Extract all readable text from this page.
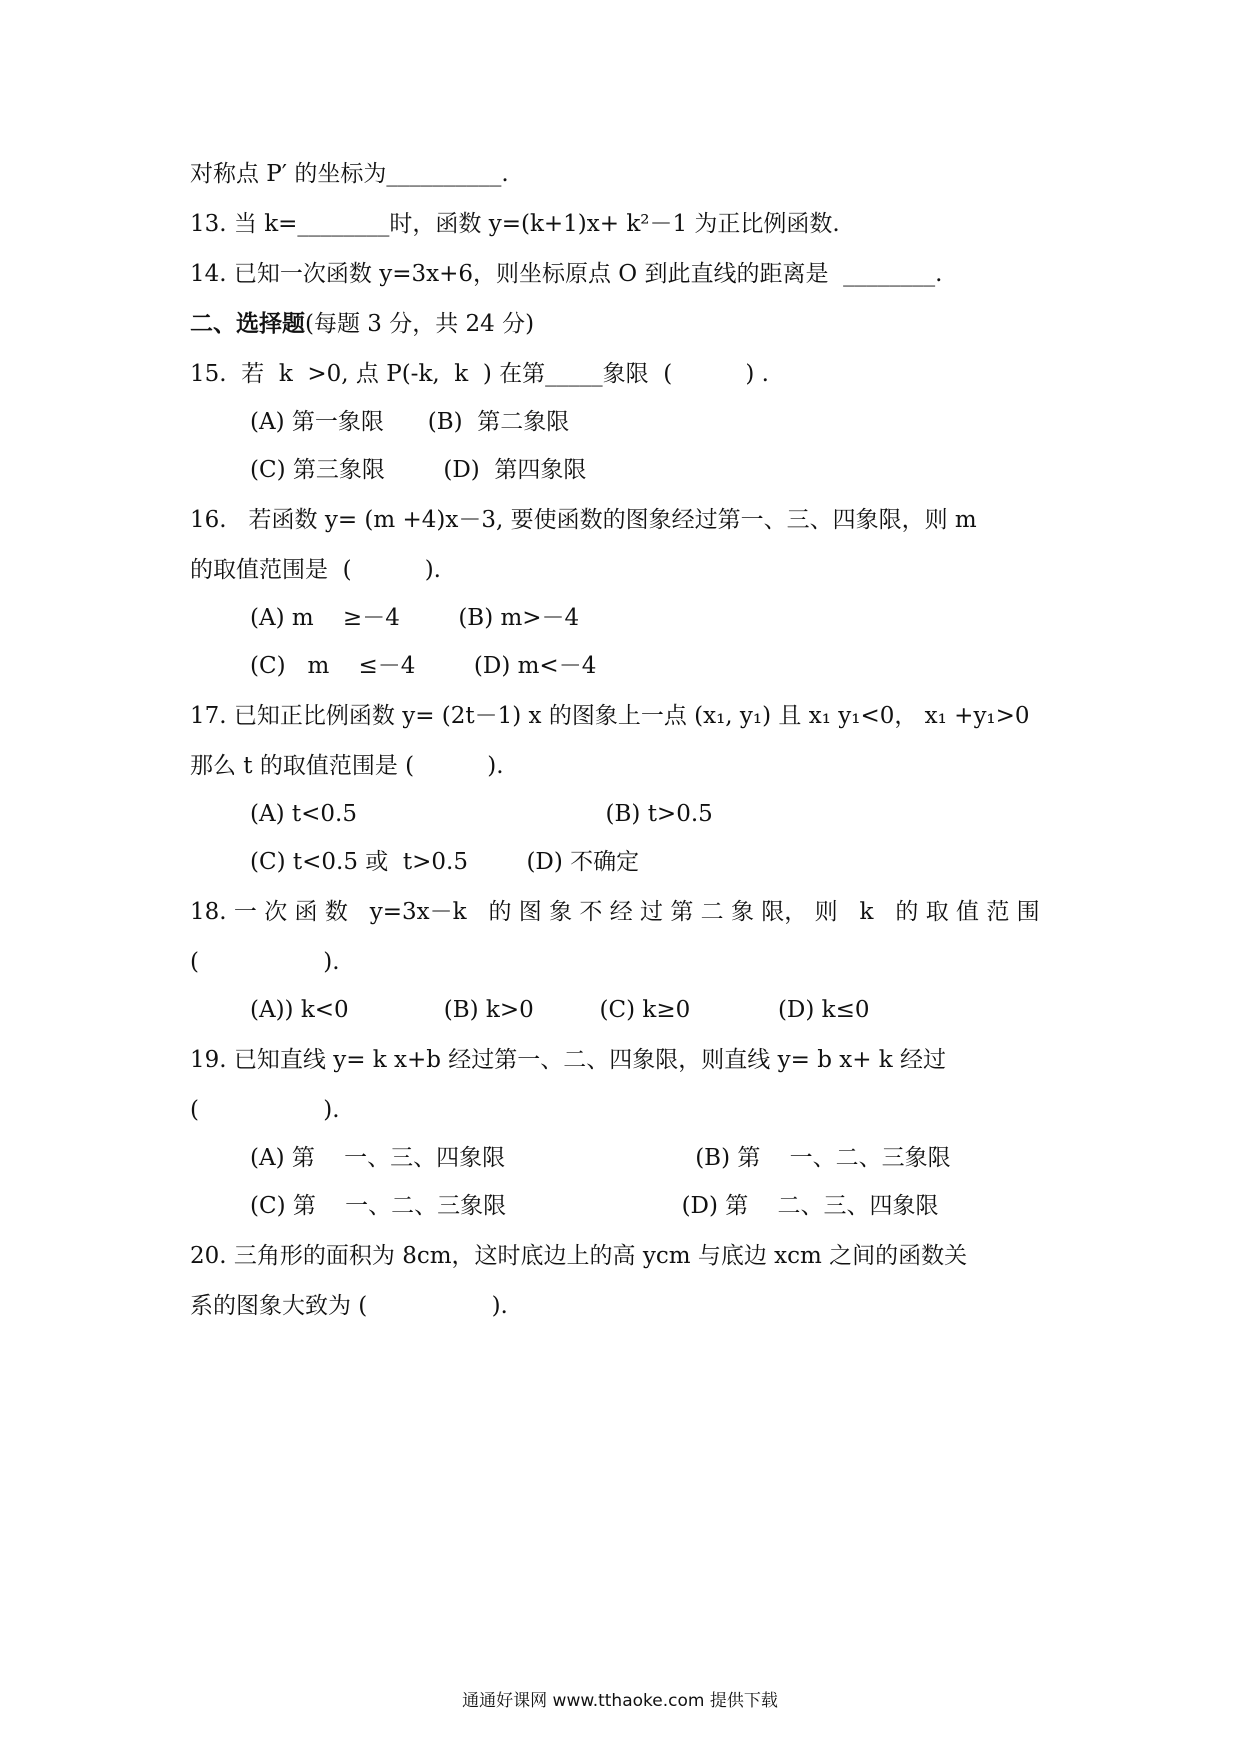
对称点 P′ 的坐标为__________.
13. 当 k=________时，函数 y=(k+1)x+ k²－1 为正比例函数.
14. 已知一次函数 y=3x+6，则坐标原点 O 到此直线的距离是  ________.
二、选择题(每题 3 分，共 24 分)
15.  若  k  >0, 点 P(-k,  k  ) 在第_____象限  (          ) .
(A) 第一象限      (B)  第二象限
(C) 第三象限        (D)  第四象限
16.   若函数 y= (m +4)x－3, 要使函数的图象经过第一、三、四象限，则 m
的取值范围是  (          ).
(A) m    ≥－4        (B) m>－4
(C)   m    ≤－4        (D) m<－4
17. 已知正比例函数 y= (2t－1) x 的图象上一点 (x₁, y₁) 且 x₁ y₁<0， x₁ +y₁>0
那么 t 的取值范围是 (          ).
(A) t<0.5                                  (B) t>0.5
(C) t<0.5 或  t>0.5        (D) 不确定
18. 一 次 函 数   y=3x－k   的 图 象 不 经 过 第 二 象 限， 则   k   的 取 值 范 围
(                 ).
(A)) k<0             (B) k>0         (C) k≥0            (D) k≤0
19. 已知直线 y= k x+b 经过第一、二、四象限，则直线 y= b x+ k 经过
(                 ).
(A) 第    一、三、四象限                          (B) 第    一、二、三象限
(C) 第    一、二、三象限                        (D) 第    二、三、四象限
20. 三角形的面积为 8cm，这时底边上的高 ycm 与底边 xcm 之间的函数关
系的图象大致为 (                 ).
通通好课网 www.tthaoke.com 提供下载
